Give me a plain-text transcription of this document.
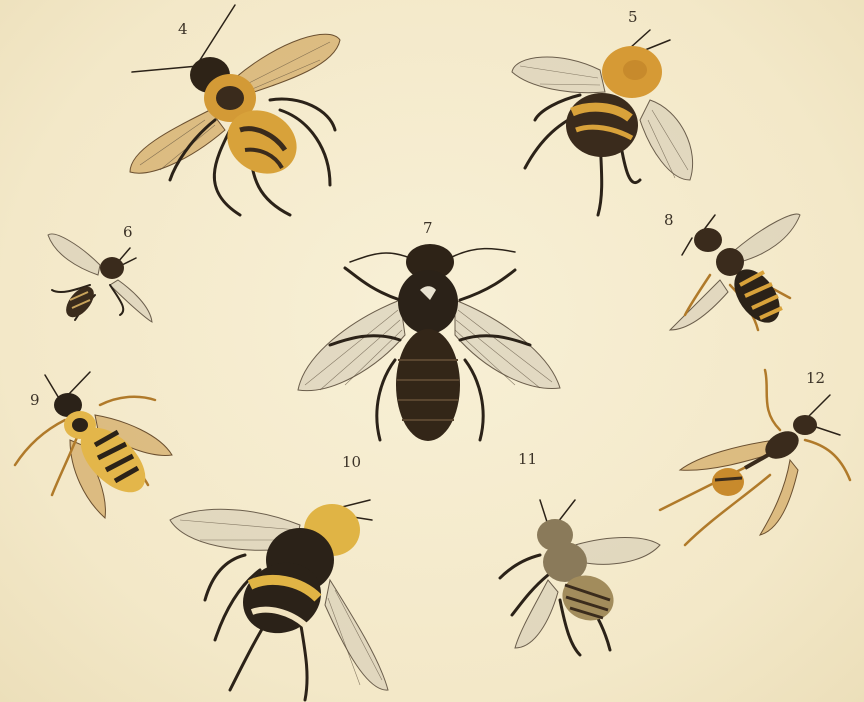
4
5
6	7	8
9
10	11
12
